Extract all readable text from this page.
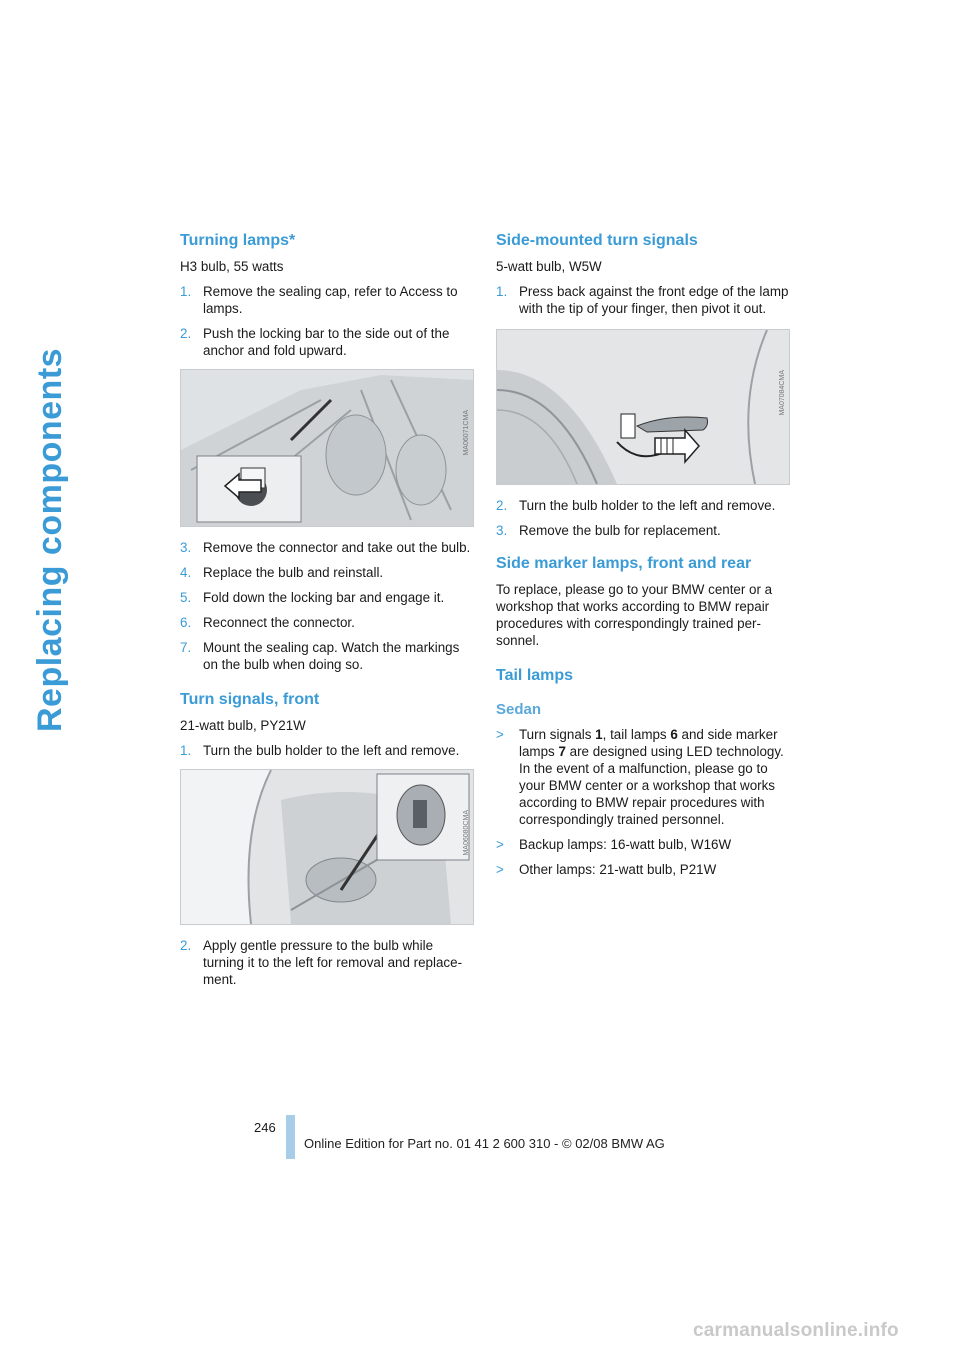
Replacing components
Turning lamps*

H3 bulb, 55 watts

1. Remove the sealing cap, refer to Access to lamps.
2. Push the locking bar to the side out of the anchor and fold upward.
MA06071CMA
3. Remove the connector and take out the bulb.
4. Replace the bulb and reinstall.
5. Fold down the locking bar and engage it.
6. Reconnect the connector.
7. Mount the sealing cap. Watch the markings on the bulb when doing so.
Turn signals, front

21-watt bulb, PY21W

1. Turn the bulb holder to the left and remove.
MA06080CMA
2. Apply gentle pressure to the bulb while turning it to the left for removal and replacement.
Side-mounted turn signals

5-watt bulb, W5W

1. Press back against the front edge of the lamp with the tip of your finger, then pivot it out.
MA07084CMA
2. Turn the bulb holder to the left and remove.
3. Remove the bulb for replacement.
Side marker lamps, front and rear

To replace, please go to your BMW center or a workshop that works according to BMW repair procedures with correspondingly trained personnel.

Tail lamps
Sedan
>	Turn signals 1, tail lamps 6 and side marker lamps 7 are designed using LED technology. In the event of a malfunction, please go to your BMW center or a workshop that works according to BMW repair procedures with correspondingly trained personnel.
>	Backup lamps: 16-watt bulb, W16W
>	Other lamps: 21-watt bulb, P21W
246
Online Edition for Part no. 01 41 2 600 310 - © 02/08 BMW AG
carmanualsonline.info
